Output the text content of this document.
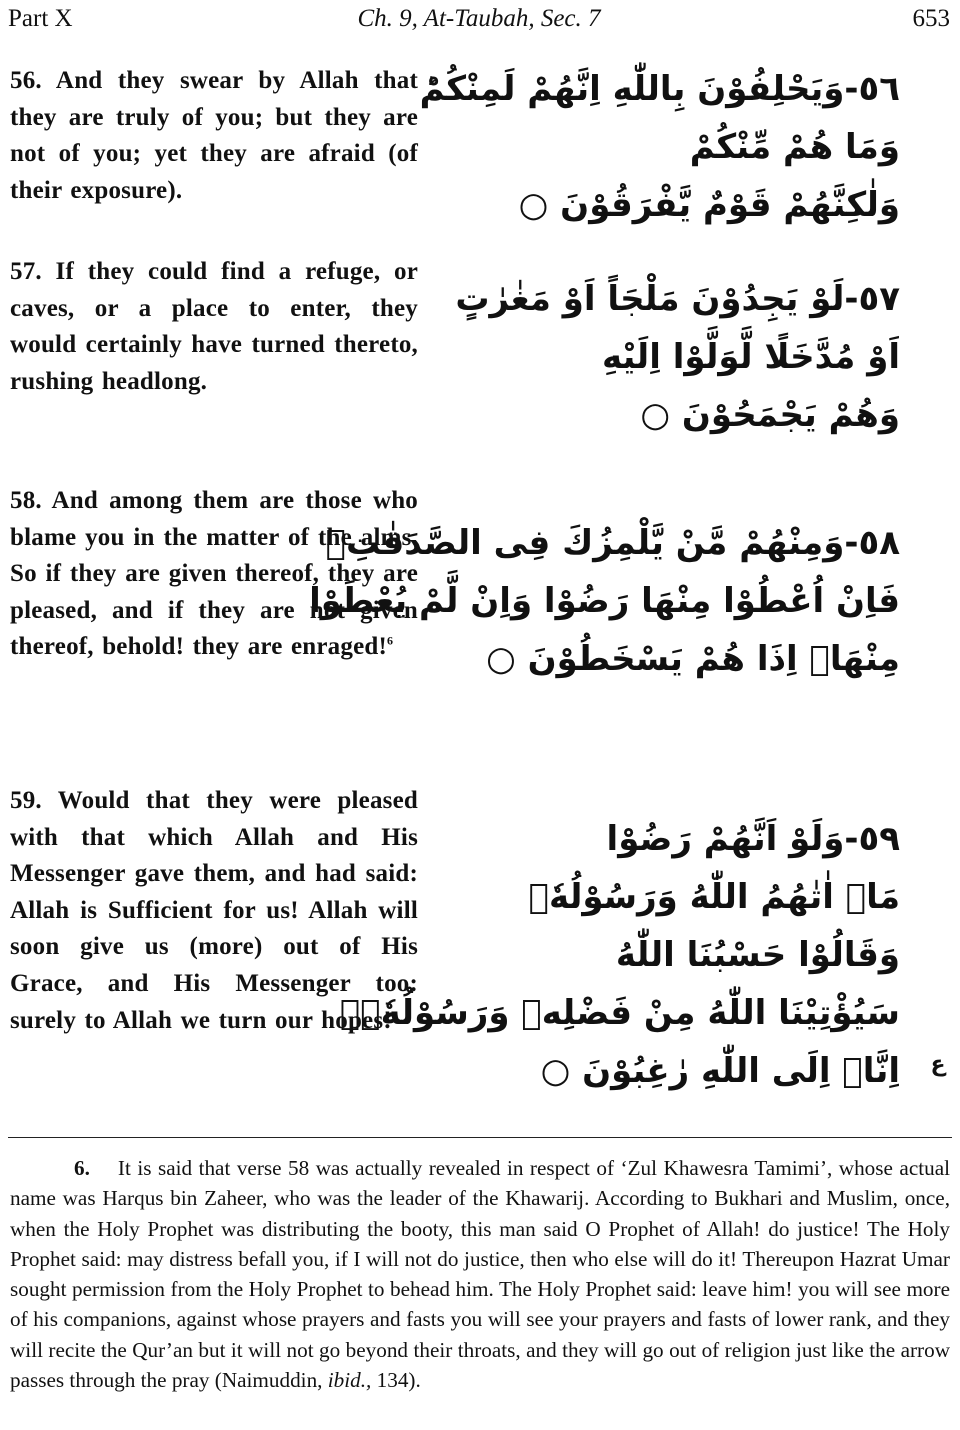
Part X	Ch. 9, At-Taubah, Sec. 7	653
56. And they swear by Allah that they are truly of you; but they are not of you; yet they are afraid (of their exposure).
٥٦-وَيَحْلِفُوْنَ بِاللّٰهِ اِنَّهُمْ لَمِنْكُمْؕ
وَمَا هُمْ مِّنْكُمْ
وَلٰكِنَّهُمْ قَوْمٌ يَّفْرَقُوْنَ ○
57. If they could find a refuge, or caves, or a place to enter, they would certainly have turned thereto, rushing headlong.
٥٧-لَوْ يَجِدُوْنَ مَلْجَاً اَوْ مَغٰرٰتٍ
اَوْ مُدَّخَلًا لَّوَلَّوْا اِلَيْهِ
وَهُمْ يَجْمَحُوْنَ ○
58. And among them are those who blame you in the matter of the alms. So if they are given thereof, they are pleased, and if they are not given thereof, behold! they are enraged!$^6$
٥٨-وَمِنْهُمْ مَّنْ يَّلْمِزُكَ فِى الصَّدَقٰتِۚ
فَاِنْ اُعْطُوْا مِنْهَا رَضُوْا وَاِنْ لَّمْ يُعْطَوْا
مِنْهَاۤ اِذَا هُمْ يَسْخَطُوْنَ ○
59. Would that they were pleased with that which Allah and His Messenger gave them, and had said: Allah is Sufficient for us! Allah will soon give us (more) out of His Grace, and His Messenger too: surely to Allah we turn our hopes!
٥٩-وَلَوْ اَنَّهُمْ رَضُوْا
مَاۤ اٰتٰهُمُ اللّٰهُ وَرَسُوْلُهٗۙ
وَقَالُوْا حَسْبُنَا اللّٰهُ
سَيُؤْتِيْنَا اللّٰهُ مِنْ فَضْلِهٖ وَرَسُوْلُهٗۤۙ
اِنَّاۤ اِلَى اللّٰهِ رٰغِبُوْنَ ○ ع
6. It is said that verse 58 was actually revealed in respect of ‘Zul Khawesra Tamimi’, whose actual name was Harqus bin Zaheer, who was the leader of the Khawarij. According to Bukhari and Muslim, once, when the Holy Prophet was distributing the booty, this man said O Prophet of Allah! do justice! The Holy Prophet said: may distress befall you, if I will not do justice, then who else will do it! Thereupon Hazrat Umar sought permission from the Holy Prophet to behead him. The Holy Prophet said: leave him! you will see more of his companions, against whose prayers and fasts you will see your prayers and fasts of lower rank, and they will recite the Qur’an but it will not go beyond their throats, and they will go out of religion just like the arrow passes through the pray (Naimuddin, ibid., 134).
